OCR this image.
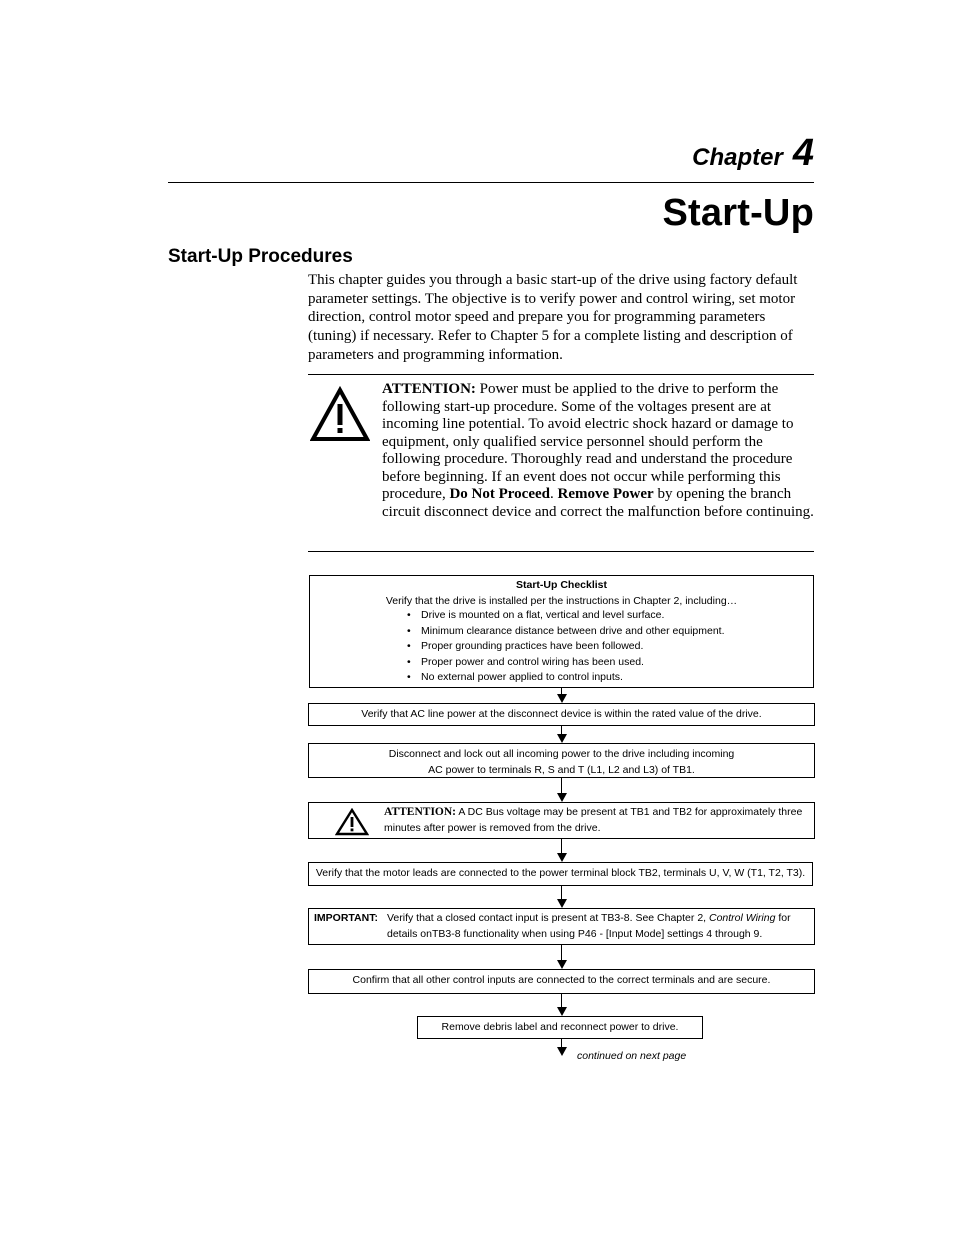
Chapter 4
Start-Up
Start-Up Procedures

This chapter guides you through a basic start-up of the drive using factory default parameter settings. The objective is to verify power and control wiring, set motor direction, control motor speed and prepare you for programming parameters (tuning) if necessary. Refer to Chapter 5 for a complete listing and description of parameters and programming information.

ATTENTION: Power must be applied to the drive to perform the following start-up procedure. Some of the voltages present are at incoming line potential. To avoid electric shock hazard or damage to equipment, only qualified service personnel should perform the following procedure. Thoroughly read and understand the procedure before beginning. If an event does not occur while performing this procedure, Do Not Proceed. Remove Power by opening the branch circuit disconnect device and correct the malfunction before continuing.

Start-Up Checklist
Verify that the drive is installed per the instructions in Chapter 2, including…
• Drive is mounted on a flat, vertical and level surface.
• Minimum clearance distance between drive and other equipment.
• Proper grounding practices have been followed.
• Proper power and control wiring has been used.
• No external power applied to control inputs.
Verify that AC line power at the disconnect device is within the rated value of the drive.
Disconnect and lock out all incoming power to the drive including incoming
AC power to terminals R, S and T (L1, L2 and L3) of TB1.
ATTENTION: A DC Bus voltage may be present at TB1 and TB2 for approximately three minutes after power is removed from the drive.
Verify that the motor leads are connected to the power terminal block TB2, terminals U, V, W (T1, T2, T3).
IMPORTANT: Verify that a closed contact input is present at TB3-8. See Chapter 2, Control Wiring for details onTB3-8 functionality when using P46 - [Input Mode] settings 4 through 9.
Confirm that all other control inputs are connected to the correct terminals and are secure.
Remove debris label and reconnect power to drive.
continued on next page
